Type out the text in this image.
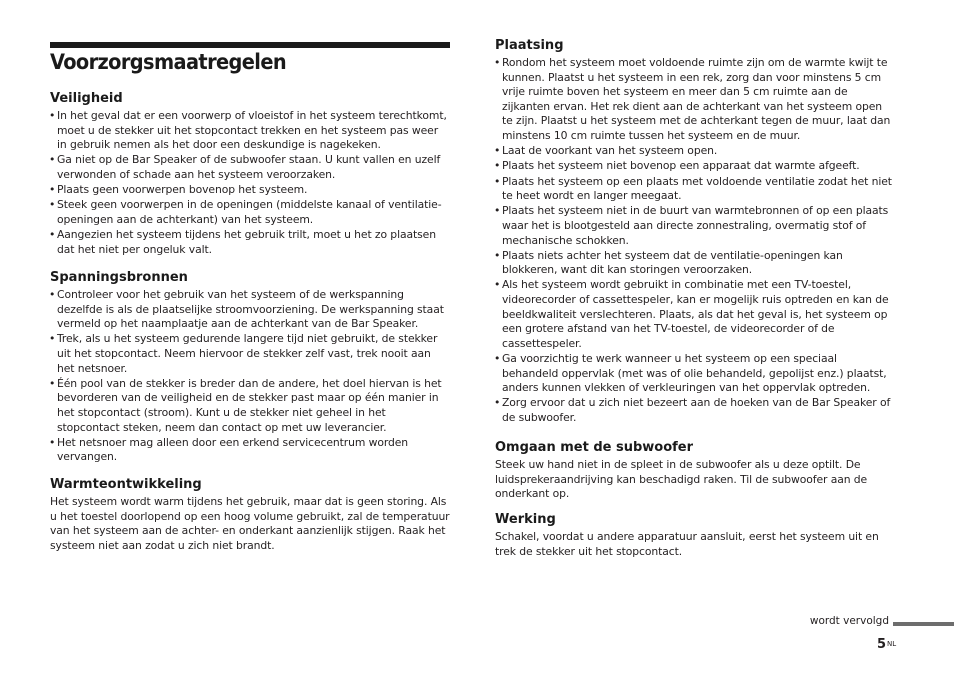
Voorzorgsmaatregelen
Veiligheid
• In het geval dat er een voorwerp of vloeistof in het systeem terechtkomt, moet u de stekker uit het stopcontact trekken en het systeem pas weer in gebruik nemen als het door een deskundige is nagekeken.
• Ga niet op de Bar Speaker of de subwoofer staan. U kunt vallen en uzelf verwonden of schade aan het systeem veroorzaken.
• Plaats geen voorwerpen bovenop het systeem.
• Steek geen voorwerpen in de openingen (middelste kanaal of ventilatie-openingen aan de achterkant) van het systeem.
• Aangezien het systeem tijdens het gebruik trilt, moet u het zo plaatsen dat het niet per ongeluk valt.
Spanningsbronnen
• Controleer voor het gebruik van het systeem of de werkspanning dezelfde is als de plaatselijke stroomvoorziening. De werkspanning staat vermeld op het naamplaatje aan de achterkant van de Bar Speaker.
• Trek, als u het systeem gedurende langere tijd niet gebruikt, de stekker uit het stopcontact. Neem hiervoor de stekker zelf vast, trek nooit aan het netsnoer.
• Één pool van de stekker is breder dan de andere, het doel hiervan is het bevorderen van de veiligheid en de stekker past maar op één manier in het stopcontact (stroom). Kunt u de stekker niet geheel in het stopcontact steken, neem dan contact op met uw leverancier.
• Het netsnoer mag alleen door een erkend servicecentrum worden vervangen.
Warmteontwikkeling

Het systeem wordt warm tijdens het gebruik, maar dat is geen storing. Als u het toestel doorlopend op een hoog volume gebruikt, zal de temperatuur van het systeem aan de achter- en onderkant aanzienlijk stijgen. Raak het systeem niet aan zodat u zich niet brandt.

Plaatsing
• Rondom het systeem moet voldoende ruimte zijn om de warmte kwijt te kunnen. Plaatst u het systeem in een rek, zorg dan voor minstens 5 cm vrije ruimte boven het systeem en meer dan 5 cm ruimte aan de zijkanten ervan. Het rek dient aan de achterkant van het systeem open te zijn. Plaatst u het systeem met de achterkant tegen de muur, laat dan minstens 10 cm ruimte tussen het systeem en de muur.
• Laat de voorkant van het systeem open.
• Plaats het systeem niet bovenop een apparaat dat warmte afgeeft.
• Plaats het systeem op een plaats met voldoende ventilatie zodat het niet te heet wordt en langer meegaat.
• Plaats het systeem niet in de buurt van warmtebronnen of op een plaats waar het is blootgesteld aan directe zonnestraling, overmatig stof of mechanische schokken.
• Plaats niets achter het systeem dat de ventilatie-openingen kan blokkeren, want dit kan storingen veroorzaken.
• Als het systeem wordt gebruikt in combinatie met een TV-toestel, videorecorder of cassettespeler, kan er mogelijk ruis optreden en kan de beeldkwaliteit verslechteren. Plaats, als dat het geval is, het systeem op een grotere afstand van het TV-toestel, de videorecorder of de cassettespeler.
• Ga voorzichtig te werk wanneer u het systeem op een speciaal behandeld oppervlak (met was of olie behandeld, gepolijst enz.) plaatst, anders kunnen vlekken of verkleuringen van het oppervlak optreden.
• Zorg ervoor dat u zich niet bezeert aan de hoeken van de Bar Speaker of de subwoofer.
Omgaan met de subwoofer

Steek uw hand niet in de spleet in de subwoofer als u deze optilt. De luidsprekeraandrijving kan beschadigd raken. Til de subwoofer aan de onderkant op.

Werking

Schakel, voordat u andere apparatuur aansluit, eerst het systeem uit en trek de stekker uit het stopcontact.

wordt vervolgd
5NL
